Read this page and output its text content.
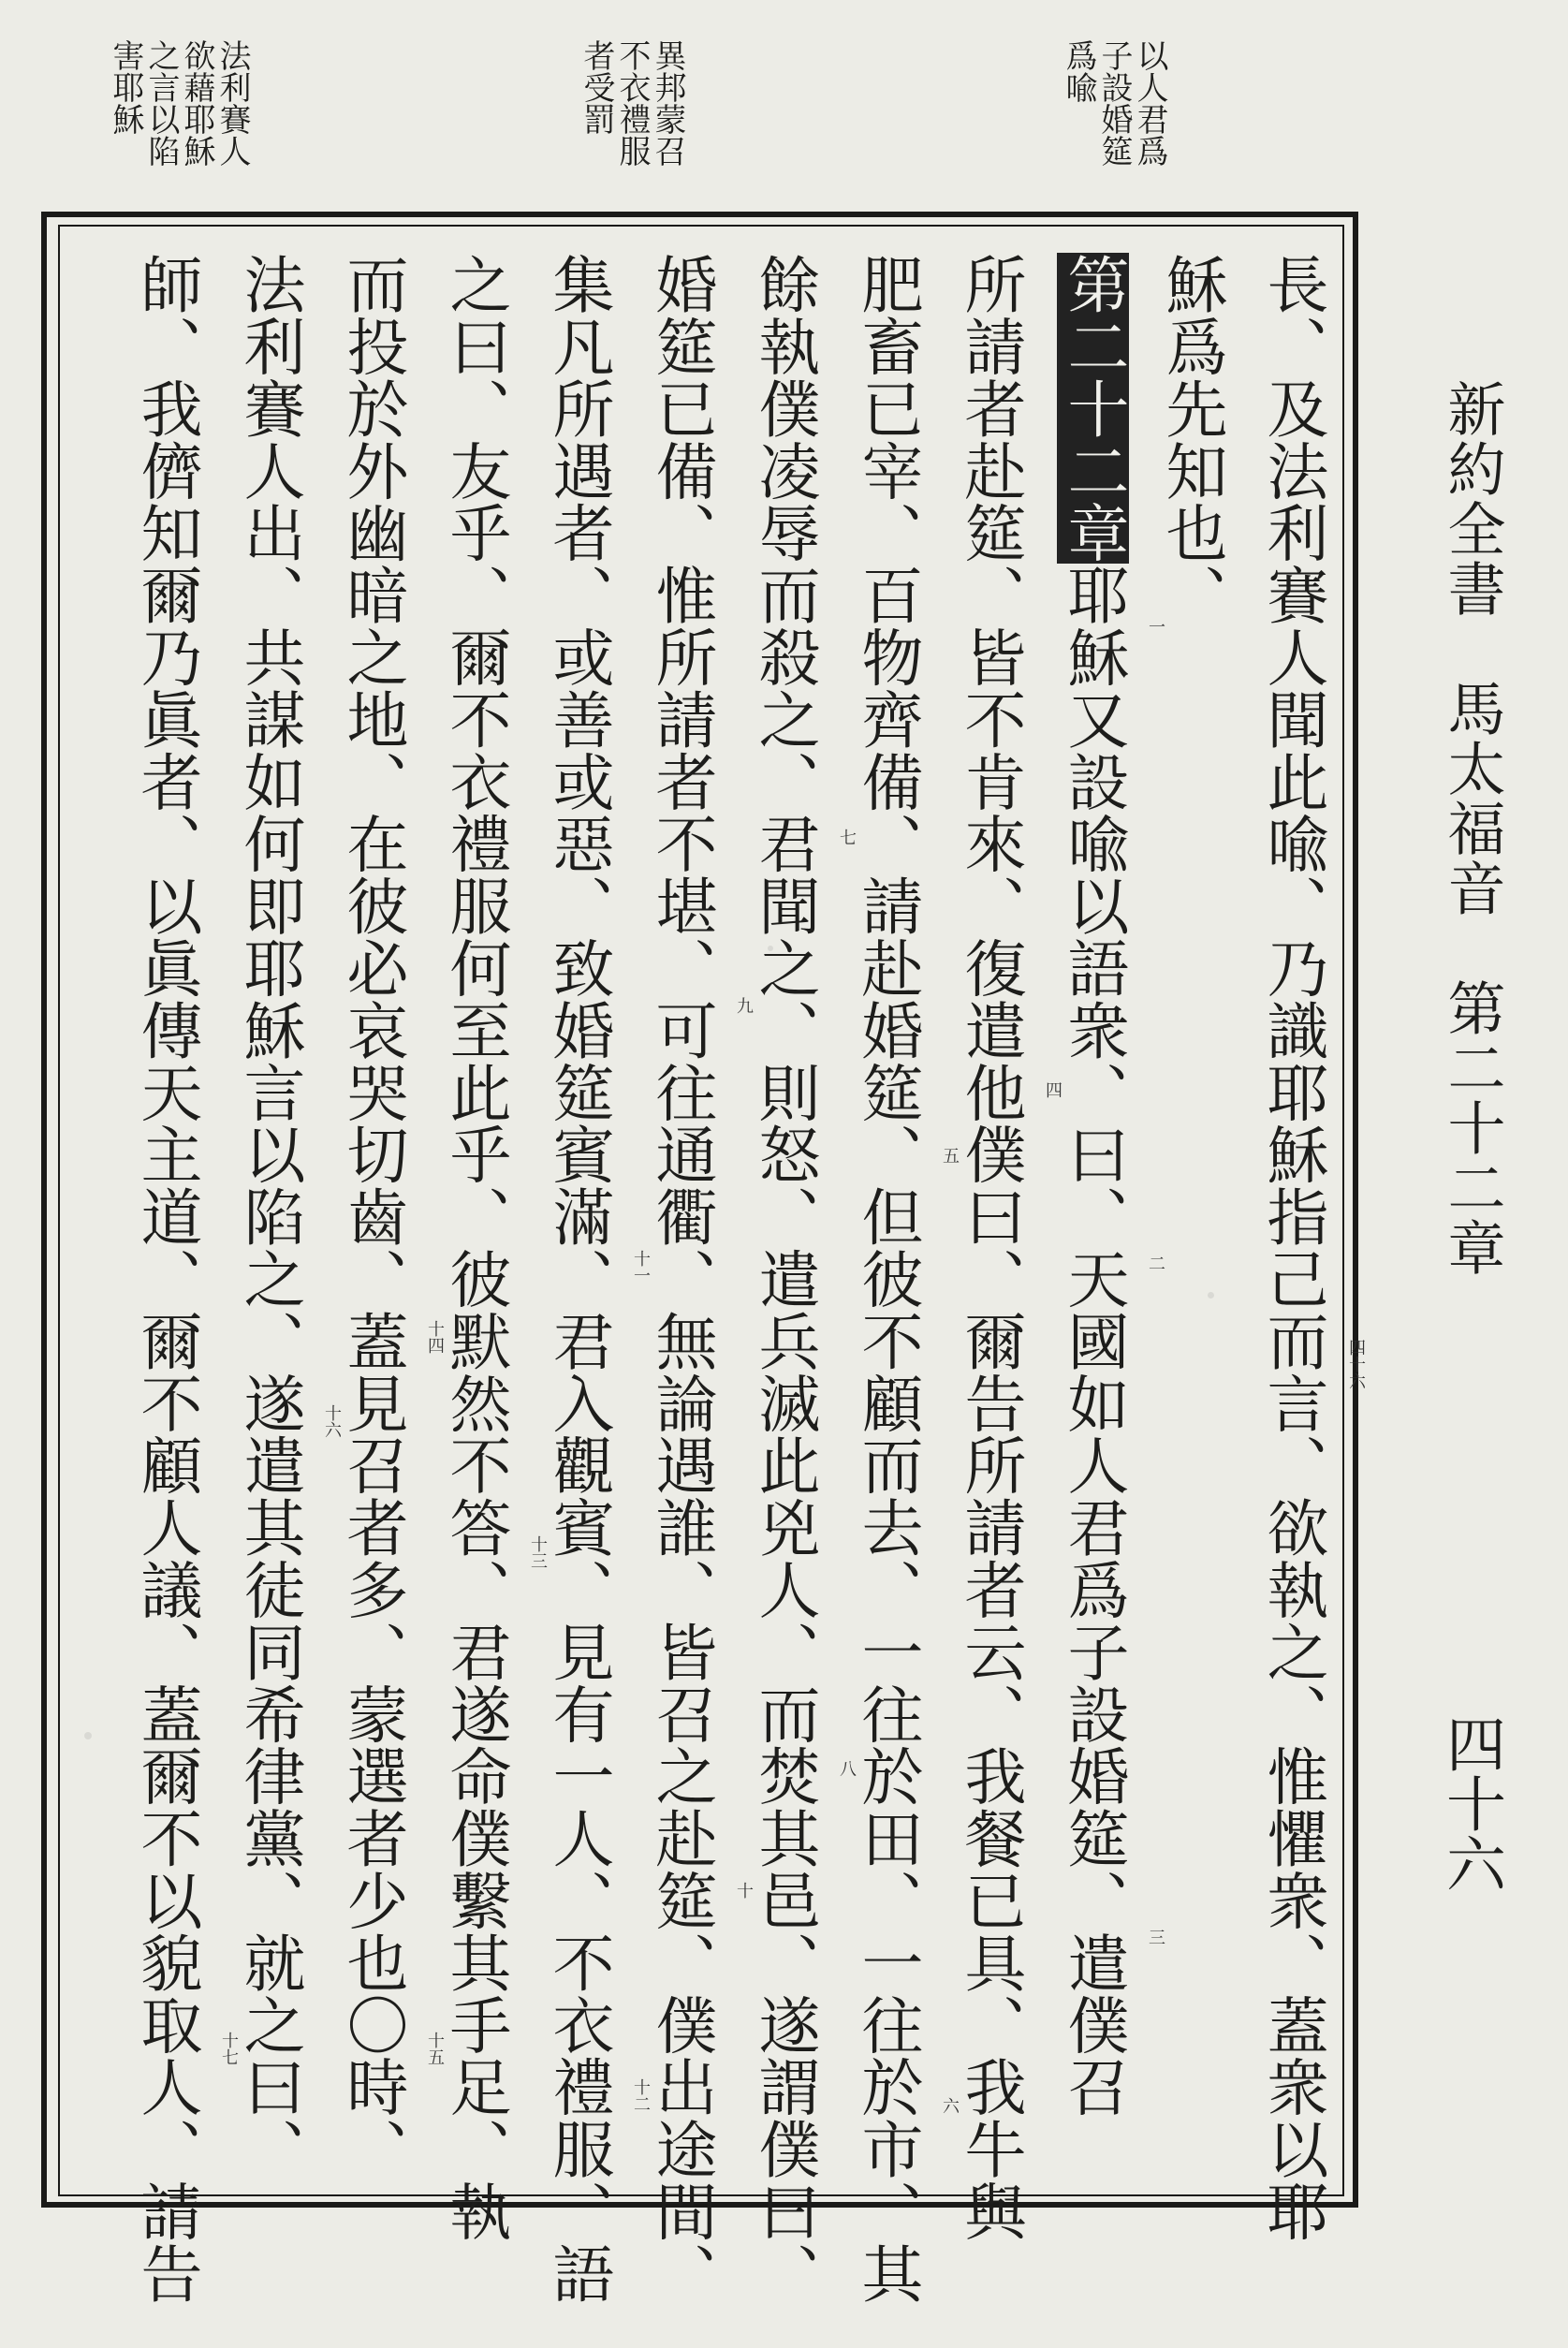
新約全書　馬太福音　第二十二章
四十六
以人君爲
子設婚筵
爲喩
異邦蒙召
不衣禮服
者受罰
法利賽人
欲藉耶穌
之言以陷
害耶穌
長、及法利賽人聞此喩、乃識耶穌指己而言、欲執之、惟懼衆、蓋衆以耶
穌爲先知也、
第二十二章耶穌又設喩以語衆、曰、天國如人君爲子設婚筵、遣僕召
所請者赴筵、皆不肯來、復遣他僕曰、爾告所請者云、我餐已具、我牛與
肥畜已宰、百物齊備、請赴婚筵、但彼不顧而去、一往於田、一往於市、其
餘執僕凌辱而殺之、君聞之、則怒、遣兵滅此兇人、而焚其邑、遂謂僕曰、
婚筵已備、惟所請者不堪、可往通衢、無論遇誰、皆召之赴筵、僕出途間、
集凡所遇者、或善或惡、致婚筵賓滿、君入觀賓、見有一人、不衣禮服、語
之曰、友乎、爾不衣禮服何至此乎、彼默然不答、君遂命僕繫其手足、執
而投於外幽暗之地、在彼必哀哭切齒、蓋見召者多、蒙選者少也〇時、
法利賽人出、共謀如何即耶穌言以陷之、遂遣其徒同希律黨、就之曰、
師、我儕知爾乃眞者、以眞傳天主道、爾不顧人議、蓋爾不以貌取人、請告	四十六
一
二
三
四
五
六
七
八
九
十
十一
十二
十三
十四
十五
十六
十七
